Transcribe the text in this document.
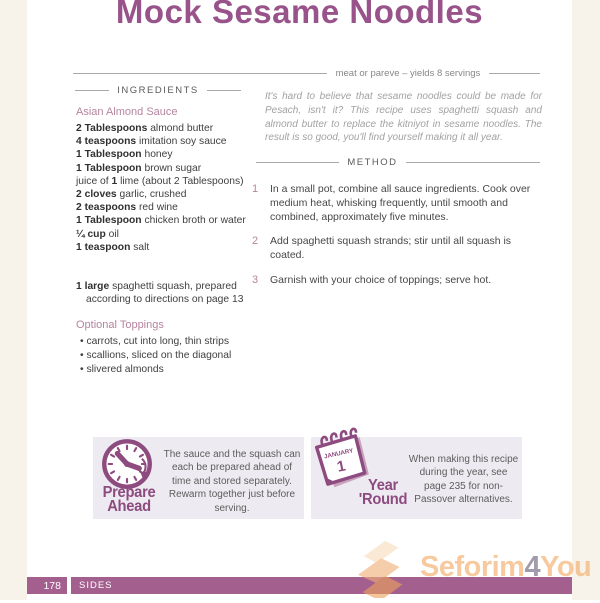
Mock Sesame Noodles
meat or pareve – yields 8 servings
INGREDIENTS
Asian Almond Sauce
2 Tablespoons almond butter
4 teaspoons imitation soy sauce
1 Tablespoon honey
1 Tablespoon brown sugar
juice of 1 lime (about 2 Tablespoons)
2 cloves garlic, crushed
2 teaspoons red wine
1 Tablespoon chicken broth or water
¼ cup oil
1 teaspoon salt
1 large spaghetti squash, prepared according to directions on page 13
Optional Toppings
• carrots, cut into long, thin strips
• scallions, sliced on the diagonal
• slivered almonds

It's hard to believe that sesame noodles could be made for Pesach, isn't it? This recipe uses spaghetti squash and almond butter to replace the kitniyot in sesame noodles. The result is so good, you'll find yourself making it all year.

METHOD
1	In a small pot, combine all sauce ingredients. Cook over medium heat, whisking frequently, until smooth and combined, approximately five minutes.
2	Add spaghetti squash strands; stir until all squash is coated.
3	Garnish with your choice of toppings; serve hot.
Prepare
Ahead
The sauce and the squash can each be prepared ahead of time and stored separately. Rewarm together just before serving.
JANUARY
1
Year
'Round
When making this recipe during the year, see page 235 for non-Passover alternatives.
178 SIDES
Seforim4You
